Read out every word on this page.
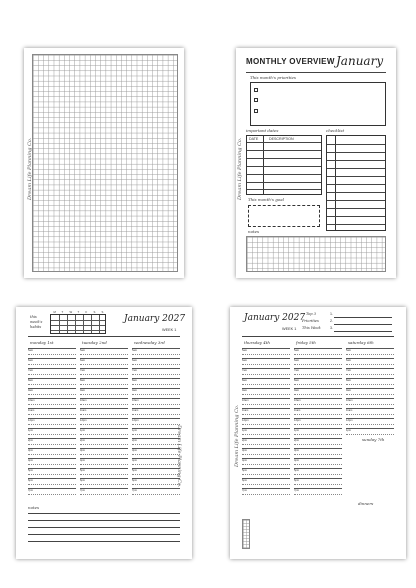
Dream Life Planning Co.
MONTHLY OVERVIEW January
This month's priorities
important dates	checklist
DATE	DESCRIPTION
This month's goal
notes
Dream Life Planning Co.
this week's habits
M T W T F S S
January 2027
WEEK 1
monday 1st
5am
6am
7am
8am
9am
10am
11am
12pm
1pm
2pm
3pm
4pm
5pm
6pm
7pm
tuesday 2nd
5am
6am
7am
8am
9am
10am
11am
12pm
1pm
2pm
3pm
4pm
5pm
6pm
7pm
wednesday 3rd
5am
6am
7am
8am
9am
10am
11am
12pm
1pm
2pm
3pm
4pm
5pm
6pm
7pm
notes
Dream Life Planning Co.
January 2027
WEEK 1
Top 3
Priorities
This Week
1.
2.
3.
thursday 4th
5am
6am
7am
8am
9am
10am
11am
12pm
1pm
2pm
3pm
4pm
5pm
6pm
7pm
friday 5th
5am
6am
7am
8am
9am
10am
11am
12pm
1pm
2pm
3pm
4pm
5pm
6pm
7pm
saturday 6th
5am
6am
7am
8am
9am
10am
11am
12pm
1pm
sunday 7th
dinners
Dream Life Planning Co.
